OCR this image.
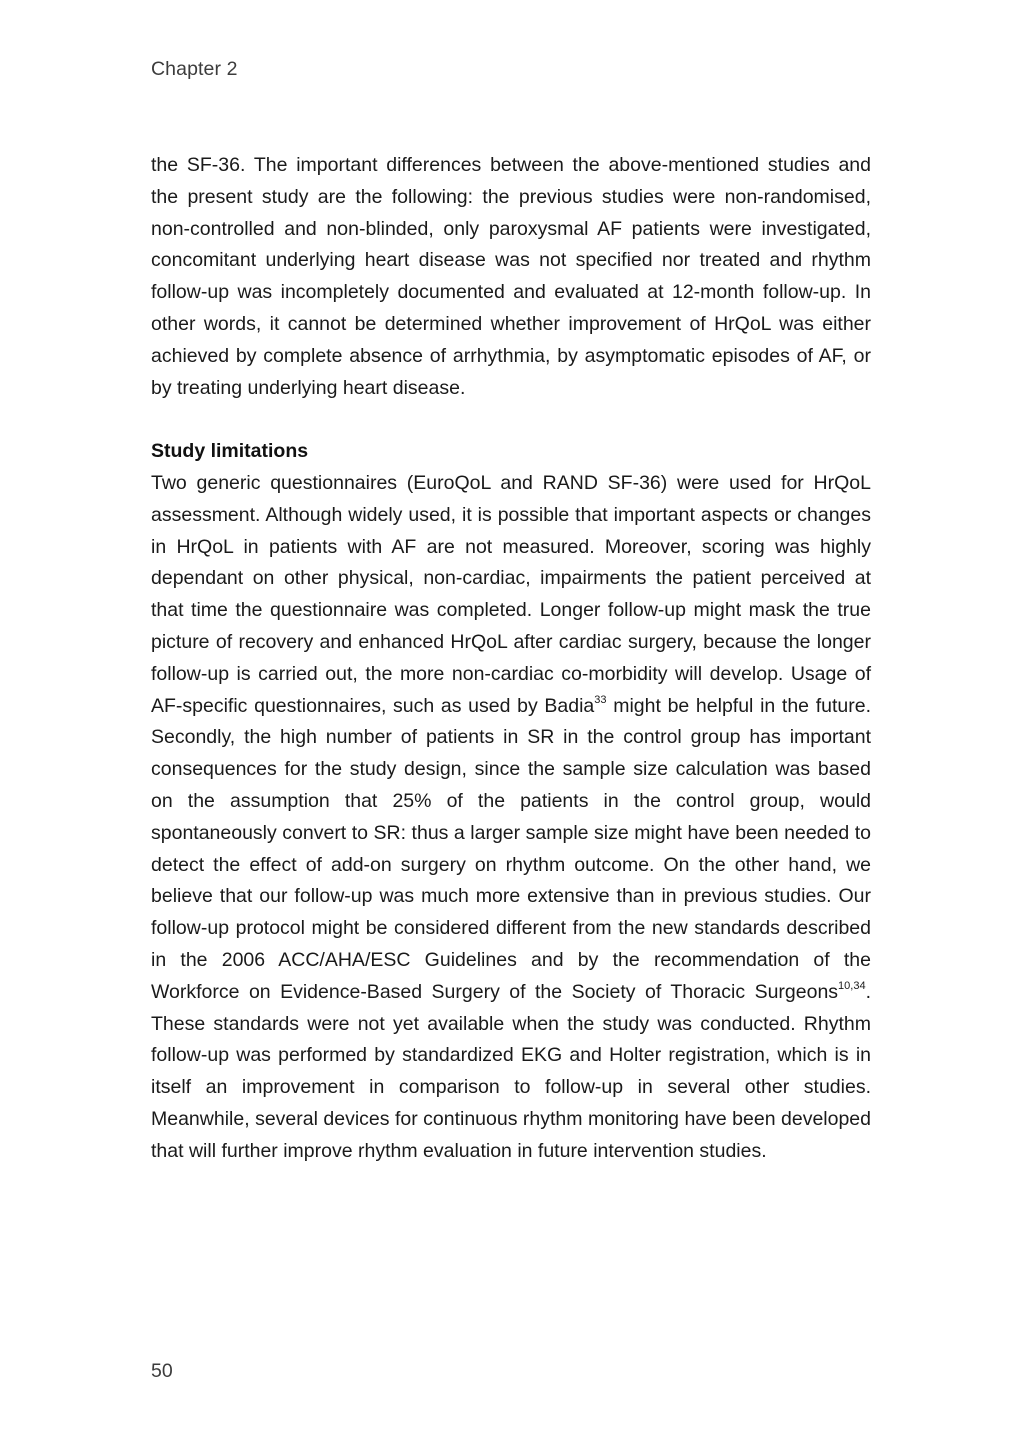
Chapter 2

the SF-36. The important differences between the above-mentioned studies and the present study are the following: the previous studies were non-randomised, non-controlled and non-blinded, only paroxysmal AF patients were investigated, concomitant underlying heart disease was not specified nor treated and rhythm follow-up was incompletely documented and evaluated at 12-month follow-up. In other words, it cannot be determined whether improvement of HrQoL was either achieved by complete absence of arrhythmia, by asymptomatic episodes of AF, or by treating underlying heart disease.

Study limitations

Two generic questionnaires (EuroQoL and RAND SF-36) were used for HrQoL assessment. Although widely used, it is possible that important aspects or changes in HrQoL in patients with AF are not measured. Moreover, scoring was highly dependant on other physical, non-cardiac, impairments the patient perceived at that time the questionnaire was completed. Longer follow-up might mask the true picture of recovery and enhanced HrQoL after cardiac surgery, because the longer follow-up is carried out, the more non-cardiac co-morbidity will develop. Usage of AF-specific questionnaires, such as used by Badia$^{33}$ might be helpful in the future. Secondly, the high number of patients in SR in the control group has important consequences for the study design, since the sample size calculation was based on the assumption that 25% of the patients in the control group, would spontaneously convert to SR: thus a larger sample size might have been needed to detect the effect of add-on surgery on rhythm outcome. On the other hand, we believe that our follow-up was much more extensive than in previous studies. Our follow-up protocol might be considered different from the new standards described in the 2006 ACC/AHA/ESC Guidelines and by the recommendation of the Workforce on Evidence-Based Surgery of the Society of Thoracic Surgeons$^{10,34}$. These standards were not yet available when the study was conducted. Rhythm follow-up was performed by standardized EKG and Holter registration, which is in itself an improvement in comparison to follow-up in several other studies. Meanwhile, several devices for continuous rhythm monitoring have been developed that will further improve rhythm evaluation in future intervention studies.

50
